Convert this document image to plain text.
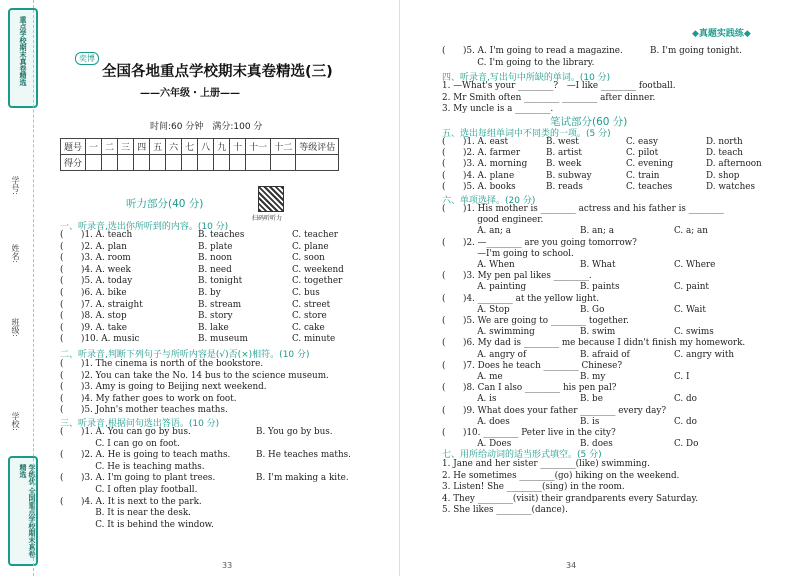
重点学校期末真卷精选
学练优 全国重点学校期末真卷精选
学校:
班级:
姓名:
学号:
奕博
全国各地重点学校期末真卷精选(三)
——六年级・上册——
时间:60 分钟　满分:100 分
题号	一	二	三	四	五	六	七	八	九	十	十一	十二	等级评估
得分													
扫码听听力
听力部分(40 分)
一、听录音,选出你所听到的内容。(10 分)
(　　)1. A. teach	B. teaches	C. teacher
(　　)2. A. plan	B. plate	C. plane
(　　)3. A. room	B. noon	C. soon
(　　)4. A. week	B. need	C. weekend
(　　)5. A. today	B. tonight	C. together
(　　)6. A. bike	B. by	C. bus
(　　)7. A. straight	B. stream	C. street
(　　)8. A. stop	B. story	C. store
(　　)9. A. take	B. lake	C. cake
(　　)10. A. music	B. museum	C. minute
二、听录音,判断下列句子与所听内容是(√)否(×)相符。(10 分)
(　　)1. The cinema is north of the bookstore.
(　　)2. You can take the No. 14 bus to the science museum.
(　　)3. Amy is going to Beijing next weekend.
(　　)4. My father goes to work on foot.
(　　)5. John's mother teaches maths.
三、听录音,根据问句选出答语。(10 分)
(　　)1. A. You can go by bus.	B. You go by bus.
　　　　C. I can go on foot.
(　　)2. A. He is going to teach maths.	B. He teaches maths.
　　　　C. He is teaching maths.
(　　)3. A. I'm going to plant trees.	B. I'm making a kite.
　　　　C. I often play football.
(　　)4. A. It is next to the park.
　　　　B. It is near the desk.
　　　　C. It is behind the window.
33
◆真题实践练◆
(　　)5. A. I'm going to read a magazine.	B. I'm going tonight.
　　　　C. I'm going to the library.
四、听录音,写出句中所缺的单词。(10 分)
1. —What's your ________?　—I like ________ football.
2. Mr Smith often ________ ________ after dinner.
3. My uncle is a ________.
笔试部分(60 分)
五、选出每组单词中不同类的一项。(5 分)
(　　)1. A. east	B. west	C. easy	D. north
(　　)2. A. farmer	B. artist	C. pilot	D. teach
(　　)3. A. morning B. week	C. evening	D. afternoon
(　　)4. A. plane	B. subway	C. train	D. shop
(　　)5. A. books	B. reads	C. teaches	D. watches
六、单项选择。(20 分)
(　　)1. His mother is ________ actress and his father is ________
　　　　good engineer.
　　　　A. an; a	B. an; a	C. a; an
(　　)2. —________ are you going tomorrow?
　　　　—I'm going to school.
　　　　A. When	B. What	C. Where
(　　)3. My pen pal likes ________.
　　　　A. painting	B. paints	C. paint
(　　)4. ________ at the yellow light.
　　　　A. Stop	B. Go	C. Wait
(　　)5. We are going to ________ together.
　　　　A. swimming	B. swim	C. swims
(　　)6. My dad is ________ me because I didn't finish my homework.
　　　　A. angry of	B. afraid of	C. angry with
(　　)7. Does he teach ________ Chinese?
　　　　A. me	B. my	C. I
(　　)8. Can I also ________ his pen pal?
　　　　A. is	B. be	C. do
(　　)9. What does your father ________ every day?
　　　　A. does	B. is	C. do
(　　)10. ________ Peter live in the city?
　　　　A. Does	B. does	C. Do
七、用所给动词的适当形式填空。(5 分)
1. Jane and her sister ________(like) swimming.
2. He sometimes ________(go) hiking on the weekend.
3. Listen! She ________(sing) in the room.
4. They ________(visit) their grandparents every Saturday.
5. She likes ________(dance).
34
